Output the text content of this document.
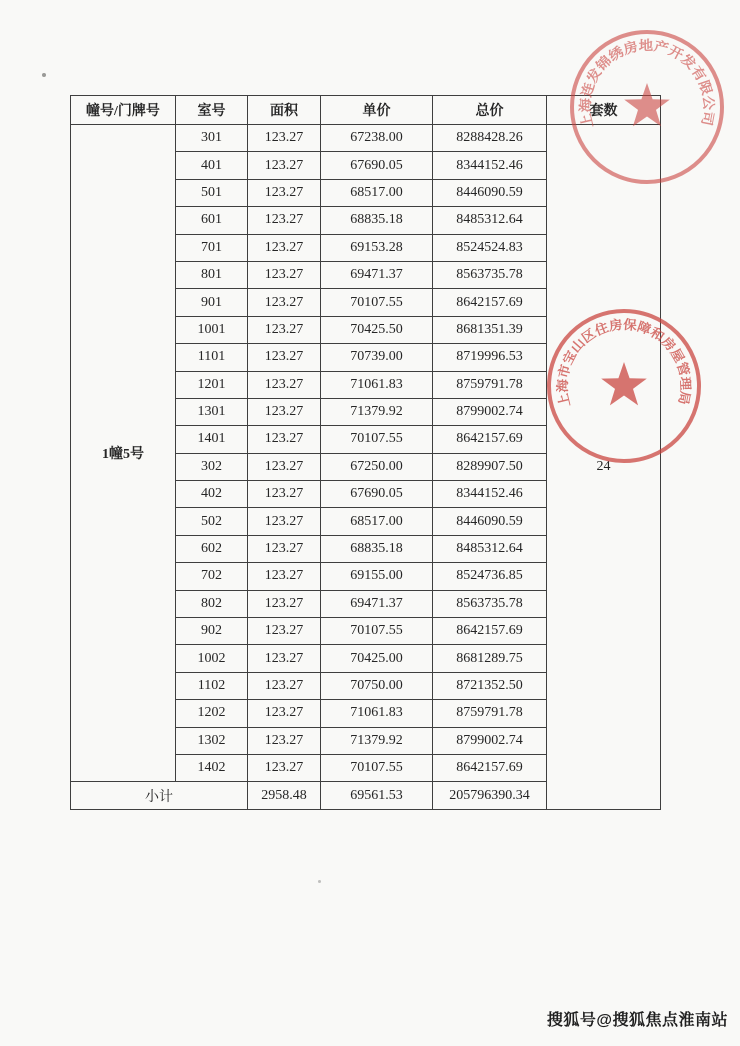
幢号/门牌号	室号	面积	单价	总价	套数
1幢5号	301	123.27	67238.00	8288428.26	24
	401	123.27	67690.05	8344152.46	
	501	123.27	68517.00	8446090.59	
	601	123.27	68835.18	8485312.64	
	701	123.27	69153.28	8524524.83	
	801	123.27	69471.37	8563735.78	
	901	123.27	70107.55	8642157.69	
	1001	123.27	70425.50	8681351.39	
	1101	123.27	70739.00	8719996.53	
	1201	123.27	71061.83	8759791.78	
	1301	123.27	71379.92	8799002.74	
	1401	123.27	70107.55	8642157.69	
	302	123.27	67250.00	8289907.50	
	402	123.27	67690.05	8344152.46	
	502	123.27	68517.00	8446090.59	
	602	123.27	68835.18	8485312.64	
	702	123.27	69155.00	8524736.85	
	802	123.27	69471.37	8563735.78	
	902	123.27	70107.55	8642157.69	
	1002	123.27	70425.00	8681289.75	
	1102	123.27	70750.00	8721352.50	
	1202	123.27	71061.83	8759791.78	
	1302	123.27	71379.92	8799002.74	
	1402	123.27	70107.55	8642157.69	
小计		2958.48	69561.53	205796390.34	
上海连发锦绣房地产开发有限公司
上海市宝山区住房保障和房屋管理局
搜狐号@搜狐焦点淮南站
